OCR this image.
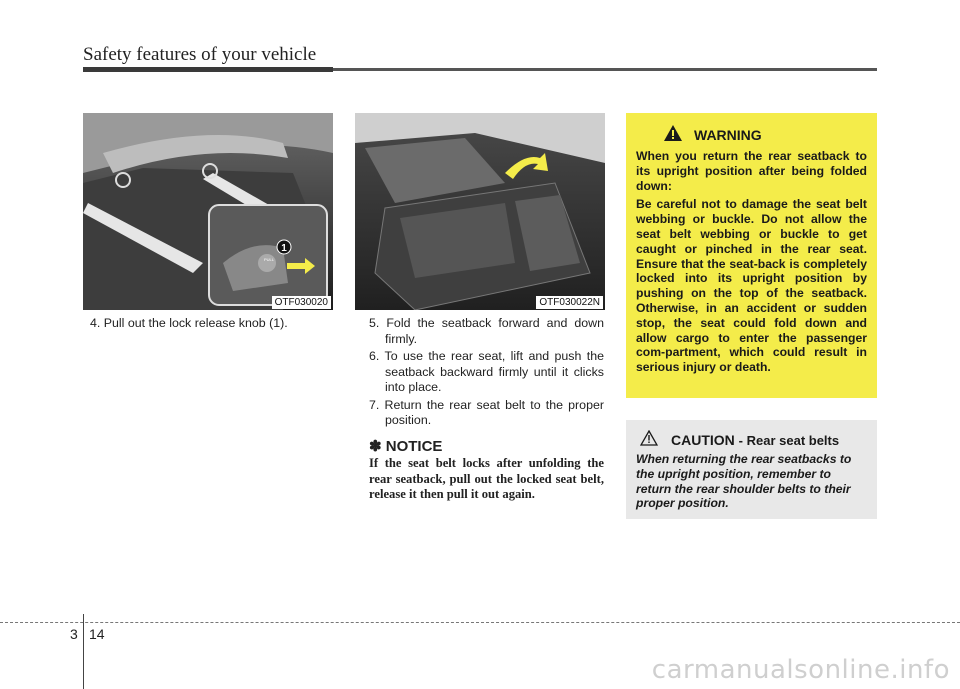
Safety features of your vehicle
1
PULL
OTF030020	OTF030022N

4. Pull out the lock release knob (1).	5. Fold the seatback forward and down firmly.

6. To use the rear seat, lift and push the seatback backward firmly until it clicks into place.

7. Return the rear seat belt to the proper position.

✽ NOTICE
If the seat belt locks after unfolding the rear seatback, pull out the locked seat belt, release it then pull it out again.
WARNING

When you return the rear seatback to its upright position after being folded down:

Be careful not to damage the seat belt webbing or buckle. Do not allow the seat belt webbing or buckle to get caught or pinched in the rear seat. Ensure that the seat-back is completely locked into its upright position by pushing on the top of the seatback. Otherwise, in an accident or sudden stop, the seat could fold down and allow cargo to enter the passenger com-partment, which could result in serious injury or death.

CAUTION - Rear seat belts
When returning the rear seatbacks to the upright position, remember to return the rear shoulder belts to their proper position.
3 14
carmanualsonline.info
